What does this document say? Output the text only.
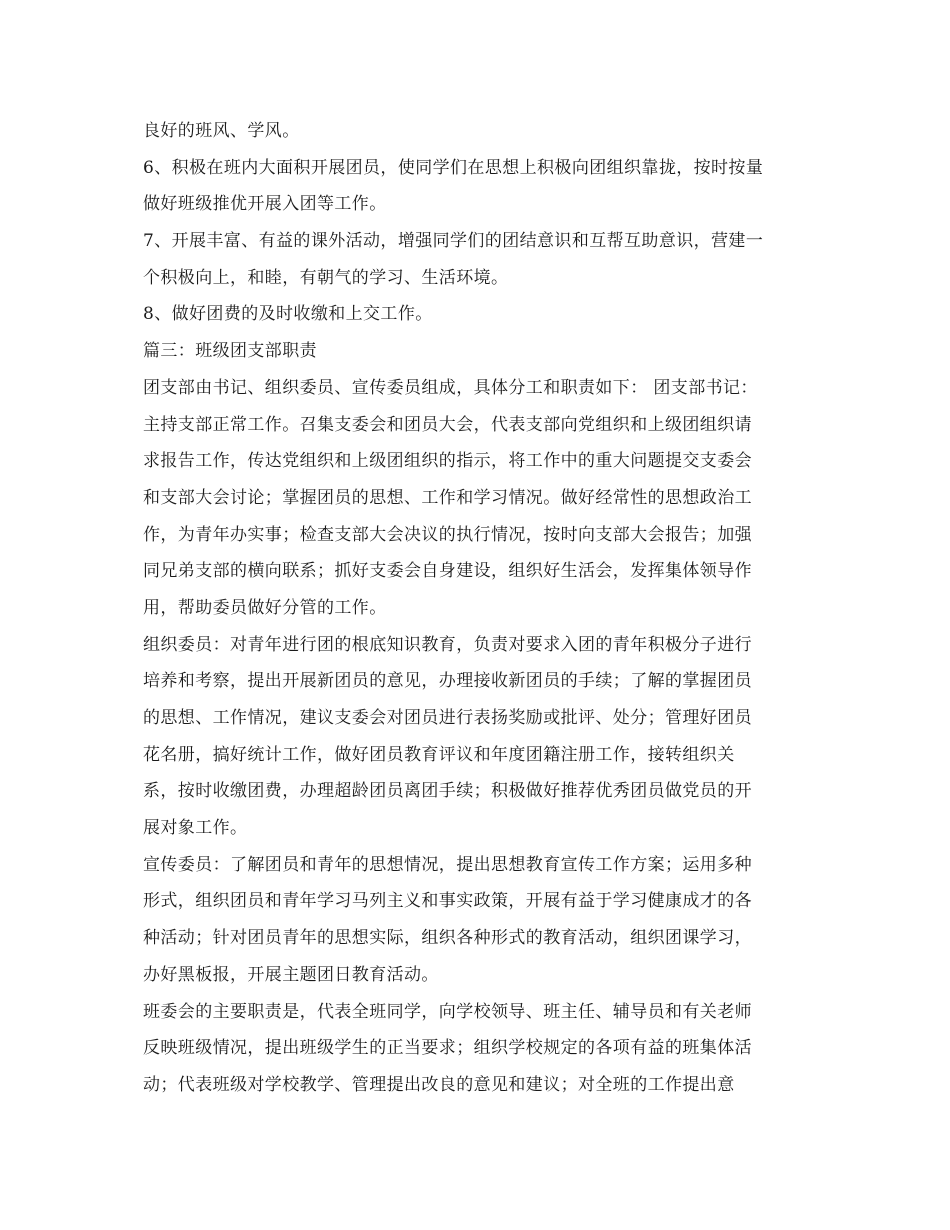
良好的班风、学风。
6、积极在班内大面积开展团员，使同学们在思想上积极向团组织靠拢，按时按量
做好班级推优开展入团等工作。
7、开展丰富、有益的课外活动，增强同学们的团结意识和互帮互助意识，营建一
个积极向上，和睦，有朝气的学习、生活环境。
8、做好团费的及时收缴和上交工作。
篇三：班级团支部职责
团支部由书记、组织委员、宣传委员组成，具体分工和职责如下： 团支部书记：
主持支部正常工作。召集支委会和团员大会，代表支部向党组织和上级团组织请
求报告工作，传达党组织和上级团组织的指示，将工作中的重大问题提交支委会
和支部大会讨论；掌握团员的思想、工作和学习情况。做好经常性的思想政治工
作，为青年办实事；检查支部大会决议的执行情况，按时向支部大会报告；加强
同兄弟支部的横向联系；抓好支委会自身建设，组织好生活会，发挥集体领导作
用，帮助委员做好分管的工作。
组织委员：对青年进行团的根底知识教育，负责对要求入团的青年积极分子进行
培养和考察，提出开展新团员的意见，办理接收新团员的手续；了解的掌握团员
的思想、工作情况，建议支委会对团员进行表扬奖励或批评、处分；管理好团员
花名册，搞好统计工作，做好团员教育评议和年度团籍注册工作，接转组织关
系，按时收缴团费，办理超龄团员离团手续；积极做好推荐优秀团员做党员的开
展对象工作。
宣传委员：了解团员和青年的思想情况，提出思想教育宣传工作方案；运用多种
形式，组织团员和青年学习马列主义和事实政策，开展有益于学习健康成才的各
种活动；针对团员青年的思想实际，组织各种形式的教育活动，组织团课学习，
办好黑板报，开展主题团日教育活动。
班委会的主要职责是，代表全班同学，向学校领导、班主任、辅导员和有关老师
反映班级情况，提出班级学生的正当要求；组织学校规定的各项有益的班集体活
动；代表班级对学校教学、管理提出改良的意见和建议；对全班的工作提出意
